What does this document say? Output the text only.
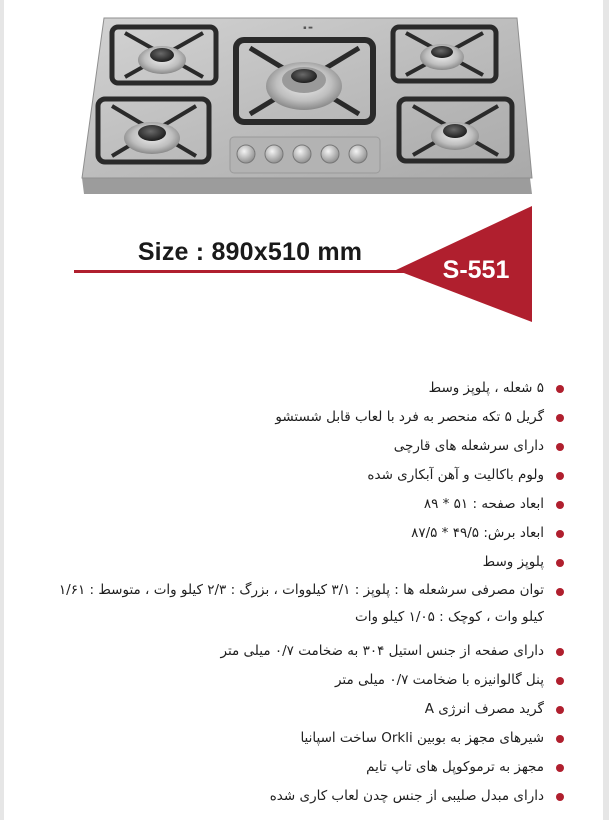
▪︎ ▬
Size : 890x510 mm
S-551
۵ شعله ، پلوپز وسط
گریل ۵ تکه منحصر به فرد با لعاب قابل شستشو
دارای سرشعله های قارچی
ولوم باکالیت و آهن آبکاری شده
ابعاد صفحه : ۵۱ * ۸۹
ابعاد برش: ۴۹/۵ * ۸۷/۵
پلوپز وسط
توان مصرفی سرشعله ها : پلوپز : ۳/۱ کیلووات ، بزرگ : ۲/۳ کیلو وات ، متوسط : ۱/۶۱ کیلو وات ، کوچک : ۱/۰۵ کیلو وات
دارای صفحه از جنس استیل ۳۰۴ به ضخامت ۰/۷ میلی متر
پنل گالوانیزه با ضخامت ۰/۷ میلی متر
گرید مصرف انرژی A
شیرهای مجهز به بوبین Orkli ساخت اسپانیا
مجهز به ترموکوپل های تاپ تایم
دارای مبدل صلیبی از جنس چدن لعاب کاری شده
